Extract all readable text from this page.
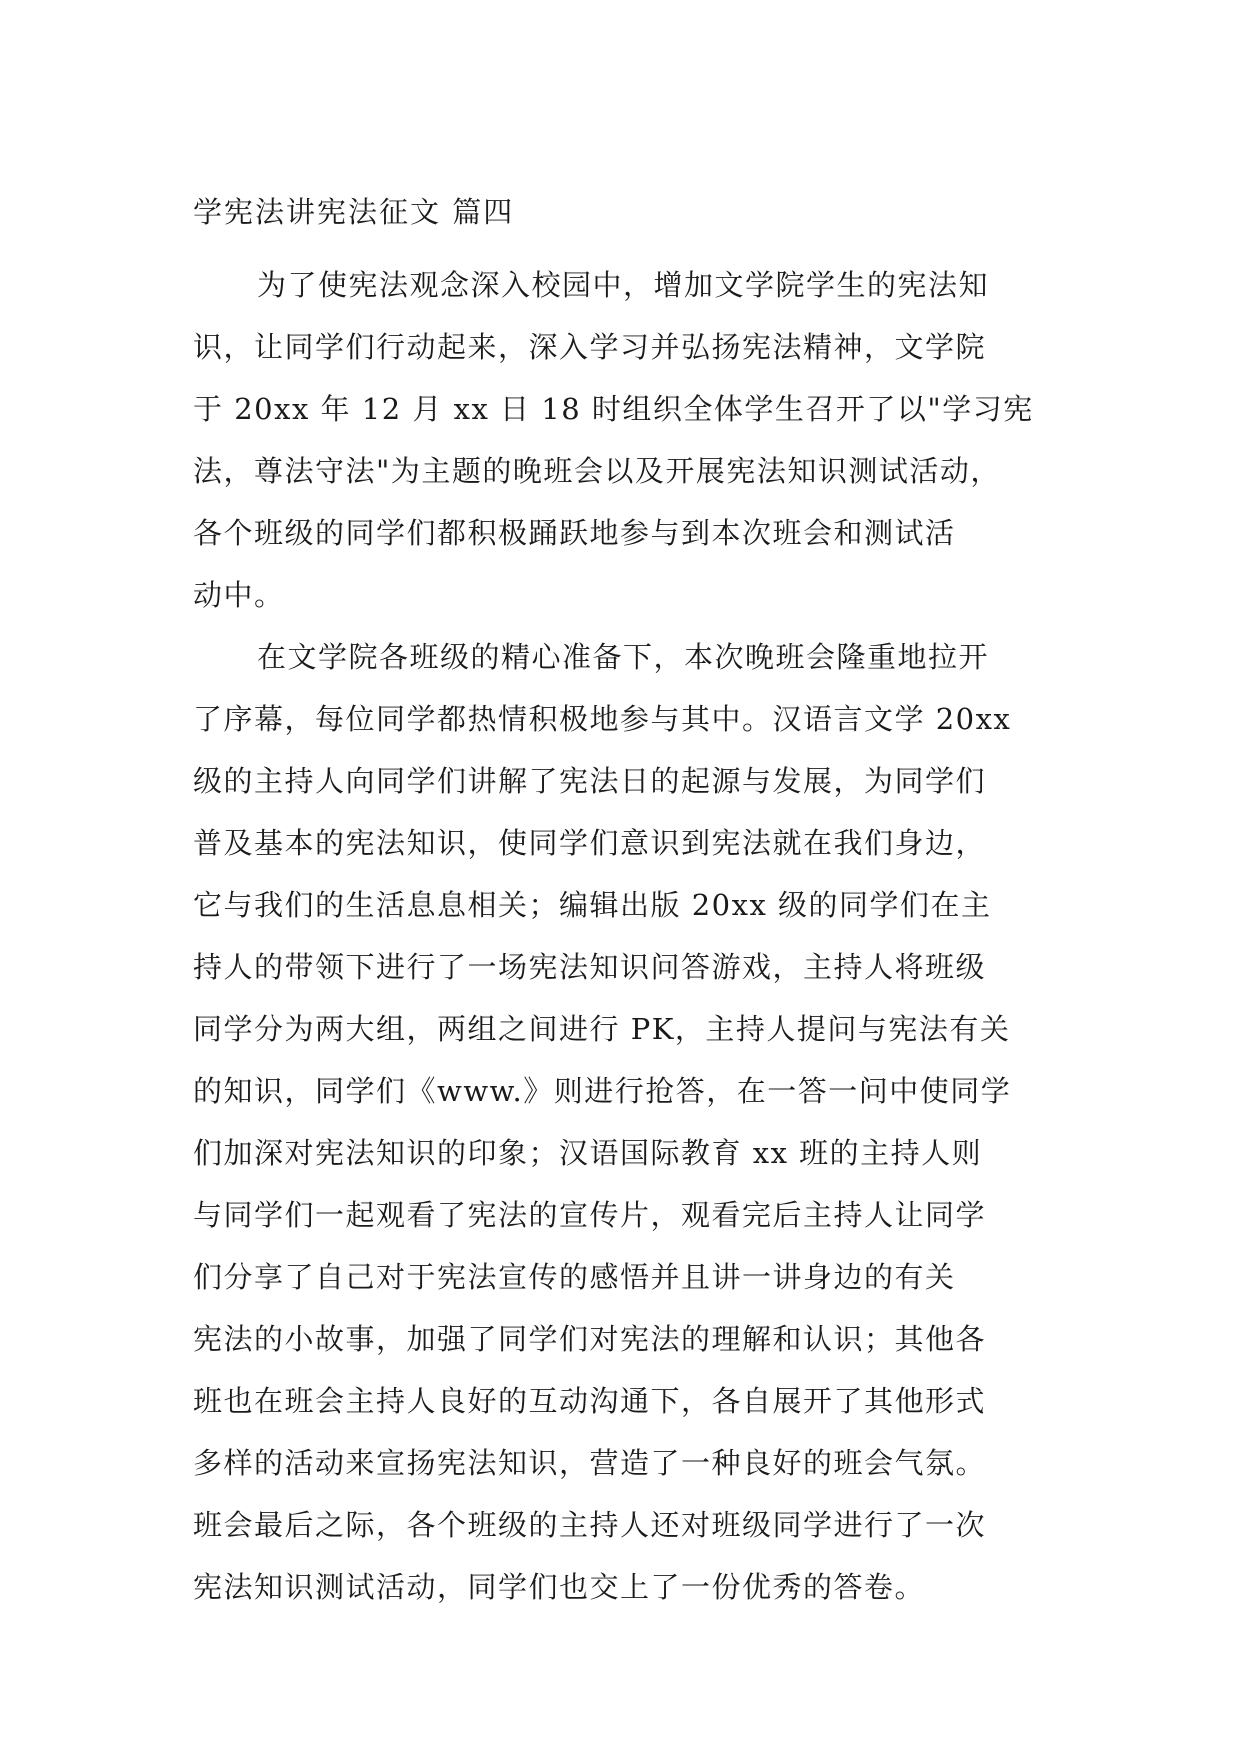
学宪法讲宪法征文 篇四

为了使宪法观念深入校园中，增加文学院学生的宪法知

识，让同学们行动起来，深入学习并弘扬宪法精神，文学院

于 20xx 年 12 月 xx 日 18 时组织全体学生召开了以"学习宪

法，尊法守法"为主题的晚班会以及开展宪法知识测试活动，

各个班级的同学们都积极踊跃地参与到本次班会和测试活

动中。

在文学院各班级的精心准备下，本次晚班会隆重地拉开

了序幕，每位同学都热情积极地参与其中。汉语言文学 20xx

级的主持人向同学们讲解了宪法日的起源与发展，为同学们

普及基本的宪法知识，使同学们意识到宪法就在我们身边，

它与我们的生活息息相关；编辑出版 20xx 级的同学们在主

持人的带领下进行了一场宪法知识问答游戏，主持人将班级

同学分为两大组，两组之间进行 PK，主持人提问与宪法有关

的知识，同学们《www.》则进行抢答，在一答一问中使同学

们加深对宪法知识的印象；汉语国际教育 xx 班的主持人则

与同学们一起观看了宪法的宣传片，观看完后主持人让同学

们分享了自己对于宪法宣传的感悟并且讲一讲身边的有关

宪法的小故事，加强了同学们对宪法的理解和认识；其他各

班也在班会主持人良好的互动沟通下，各自展开了其他形式

多样的活动来宣扬宪法知识，营造了一种良好的班会气氛。

班会最后之际，各个班级的主持人还对班级同学进行了一次

宪法知识测试活动，同学们也交上了一份优秀的答卷。
